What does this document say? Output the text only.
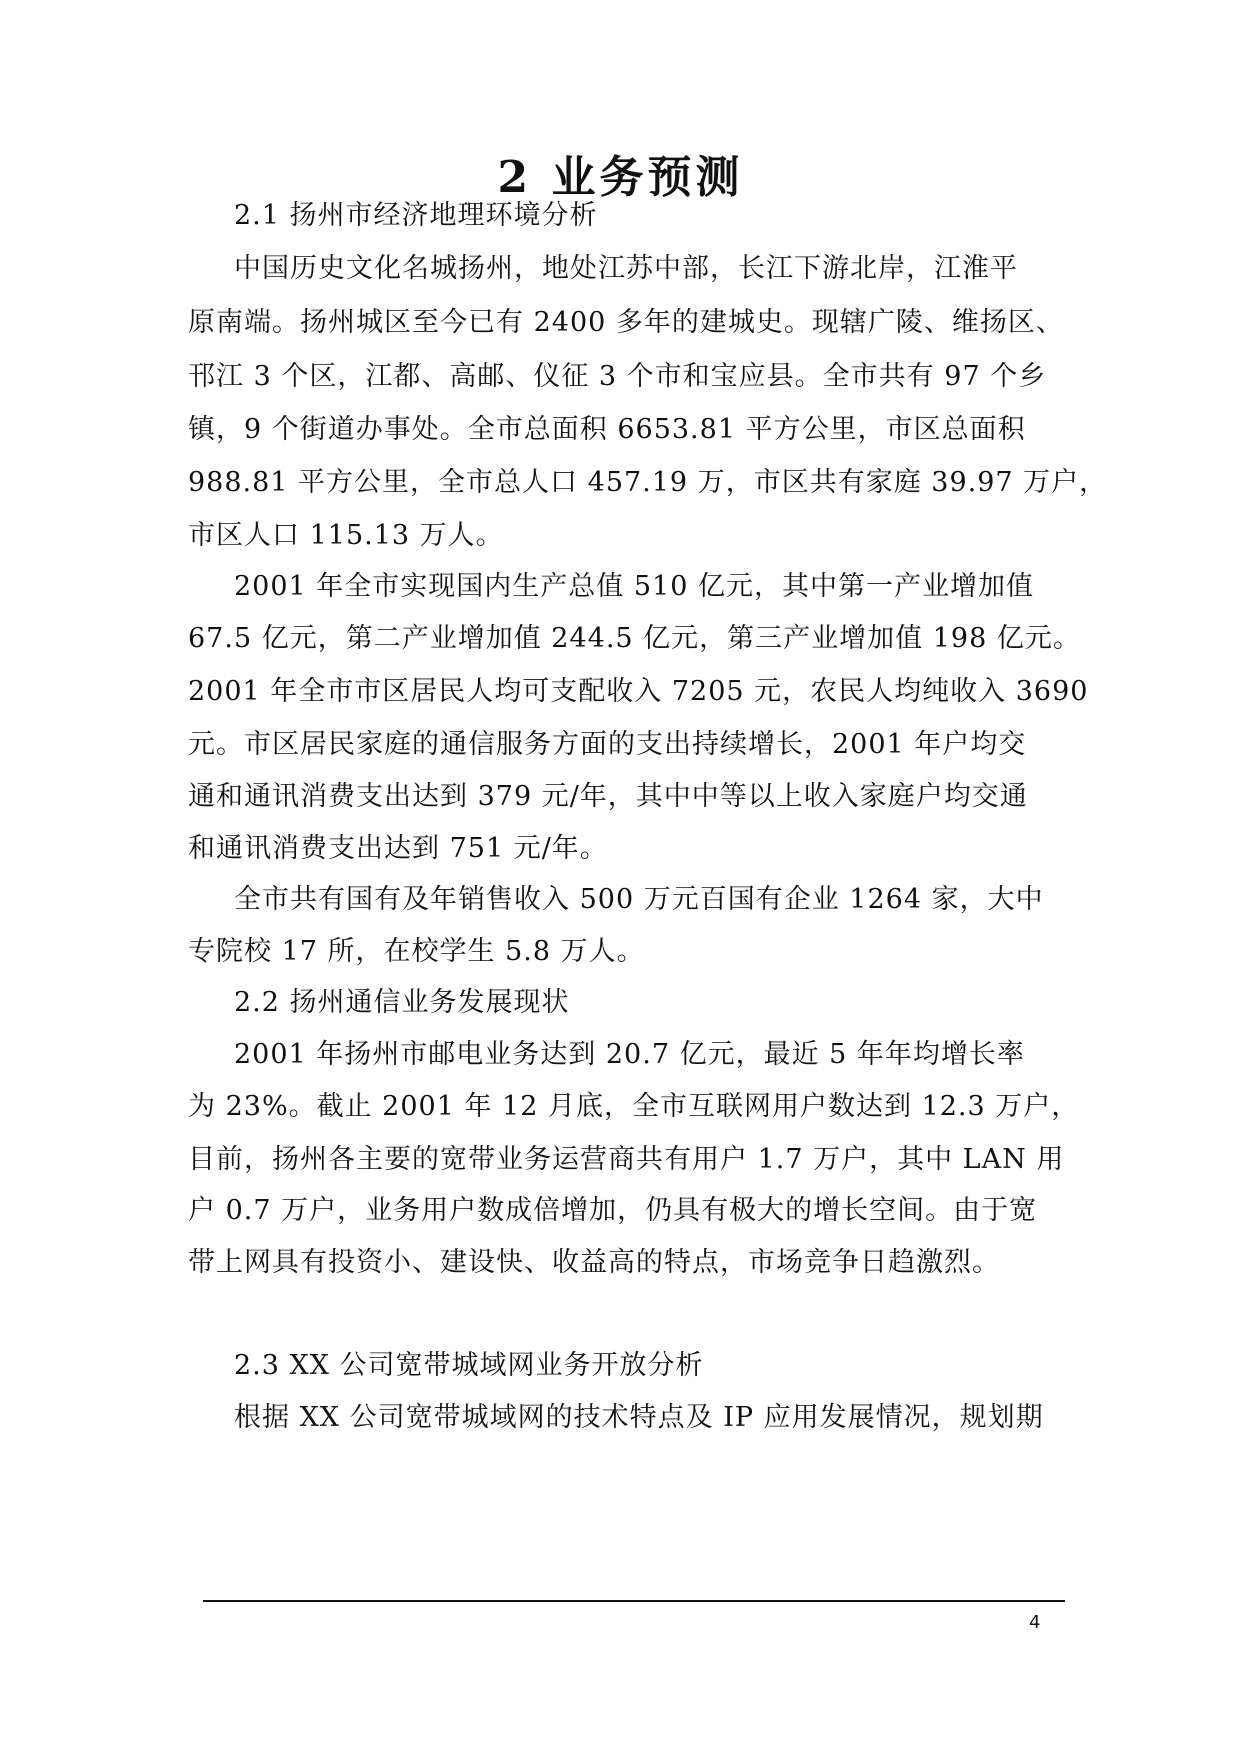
2 业务预测
2.1 扬州市经济地理环境分析
中国历史文化名城扬州，地处江苏中部，长江下游北岸，江淮平
原南端。扬州城区至今已有 2400 多年的建城史。现辖广陵、维扬区、
邗江 3 个区，江都、高邮、仪征 3 个市和宝应县。全市共有 97 个乡
镇，9 个街道办事处。全市总面积 6653.81 平方公里，市区总面积
988.81 平方公里，全市总人口 457.19 万，市区共有家庭 39.97 万户，
市区人口 115.13 万人。
2001 年全市实现国内生产总值 510 亿元，其中第一产业增加值
67.5 亿元，第二产业增加值 244.5 亿元，第三产业增加值 198 亿元。
2001 年全市市区居民人均可支配收入 7205 元，农民人均纯收入 3690
元。市区居民家庭的通信服务方面的支出持续增长，2001 年户均交
通和通讯消费支出达到 379 元/年，其中中等以上收入家庭户均交通
和通讯消费支出达到 751 元/年。
全市共有国有及年销售收入 500 万元百国有企业 1264 家，大中
专院校 17 所，在校学生 5.8 万人。
2.2 扬州通信业务发展现状
2001 年扬州市邮电业务达到 20.7 亿元，最近 5 年年均增长率
为 23%。截止 2001 年 12 月底，全市互联网用户数达到 12.3 万户，
目前，扬州各主要的宽带业务运营商共有用户 1.7 万户，其中 LAN 用
户 0.7 万户，业务用户数成倍增加，仍具有极大的增长空间。由于宽
带上网具有投资小、建设快、收益高的特点，市场竞争日趋激烈。
2.3 XX 公司宽带城域网业务开放分析
根据 XX 公司宽带城域网的技术特点及 IP 应用发展情况，规划期
4
